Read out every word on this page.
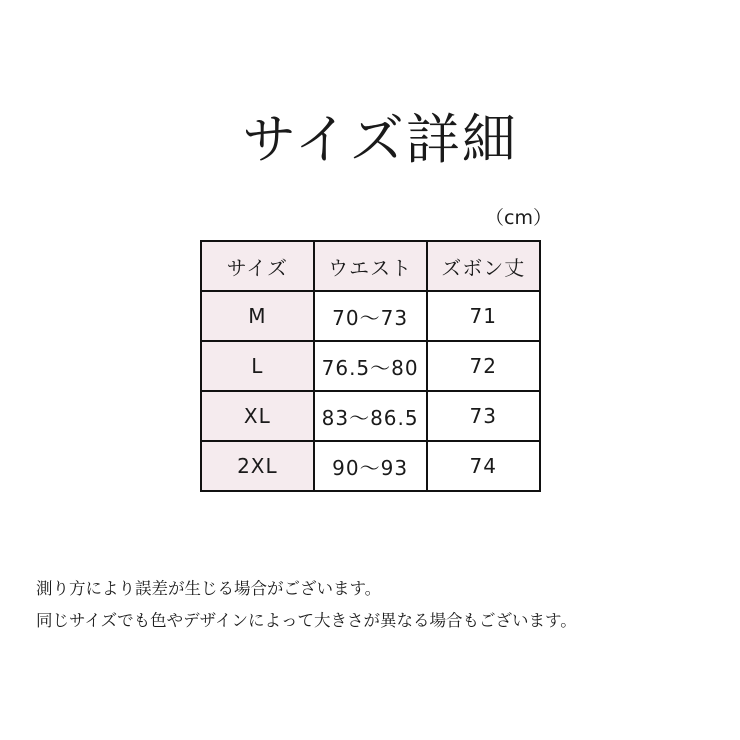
サイズ詳細
（cm）
サイズ	ウエスト	ズボン丈
M	70～73	71
L	76.5～80	72
XL	83～86.5	73
2XL	90～93	74

測り方により誤差が生じる場合がございます。

同じサイズでも色やデザインによって大きさが異なる場合もございます。
